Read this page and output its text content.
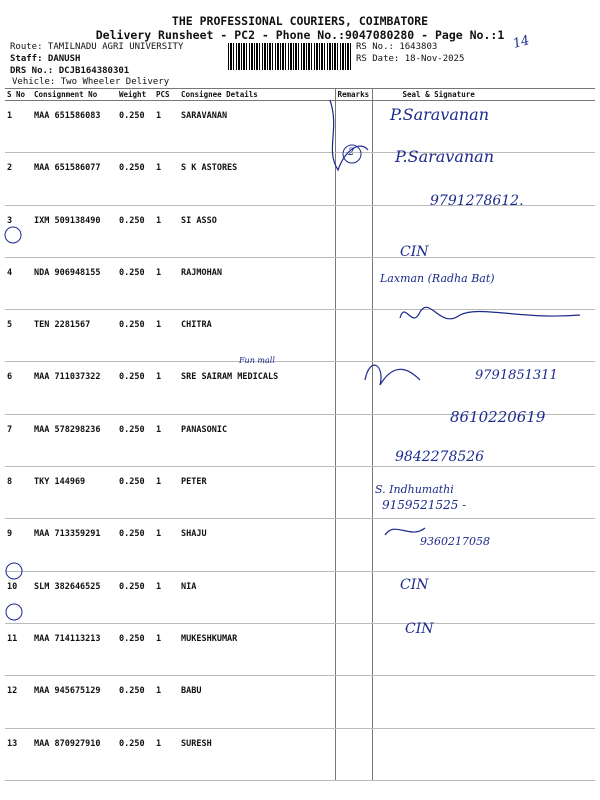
THE PROFESSIONAL COURIERS, COIMBATORE
Delivery Runsheet - PC2 - Phone No.:9047080280 - Page No.:1
Route: TAMILNADU AGRI UNIVERSITY
Staff: DANUSH
DRS No.: DCJB164380301
Vehicle: Two Wheeler Delivery
RS No.: 1643803
RS Date: 18-Nov-2025
14
S No	Consignment No	Weight	PCS	Consignee Details	Remarks	Seal & Signature
1	MAA 651586083	0.250	1	SARAVANAN		
2	MAA 651586077	0.250	1	S K ASTORES		
3	IXM 509138490	0.250	1	SI ASSO		
4	NDA 906948155	0.250	1	RAJMOHAN		
5	TEN 2281567	0.250	1	CHITRA		
6	MAA 711037322	0.250	1	SRE SAIRAM MEDICALS		
7	MAA 578298236	0.250	1	PANASONIC		
8	TKY 144969	0.250	1	PETER		
9	MAA 713359291	0.250	1	SHAJU		
10	SLM 382646525	0.250	1	NIA		
11	MAA 714113213	0.250	1	MUKESHKUMAR		
12	MAA 945675129	0.250	1	BABU		
13	MAA 870927910	0.250	1	SURESH		
2
Fun mall
9159521525 -
P.Saravanan
P.Saravanan
9791278612.
CIN
Laxman (Radha Bat)
9791851311
8610220619
9842278526
S. Indhumathi
9360217058
CIN
CIN
